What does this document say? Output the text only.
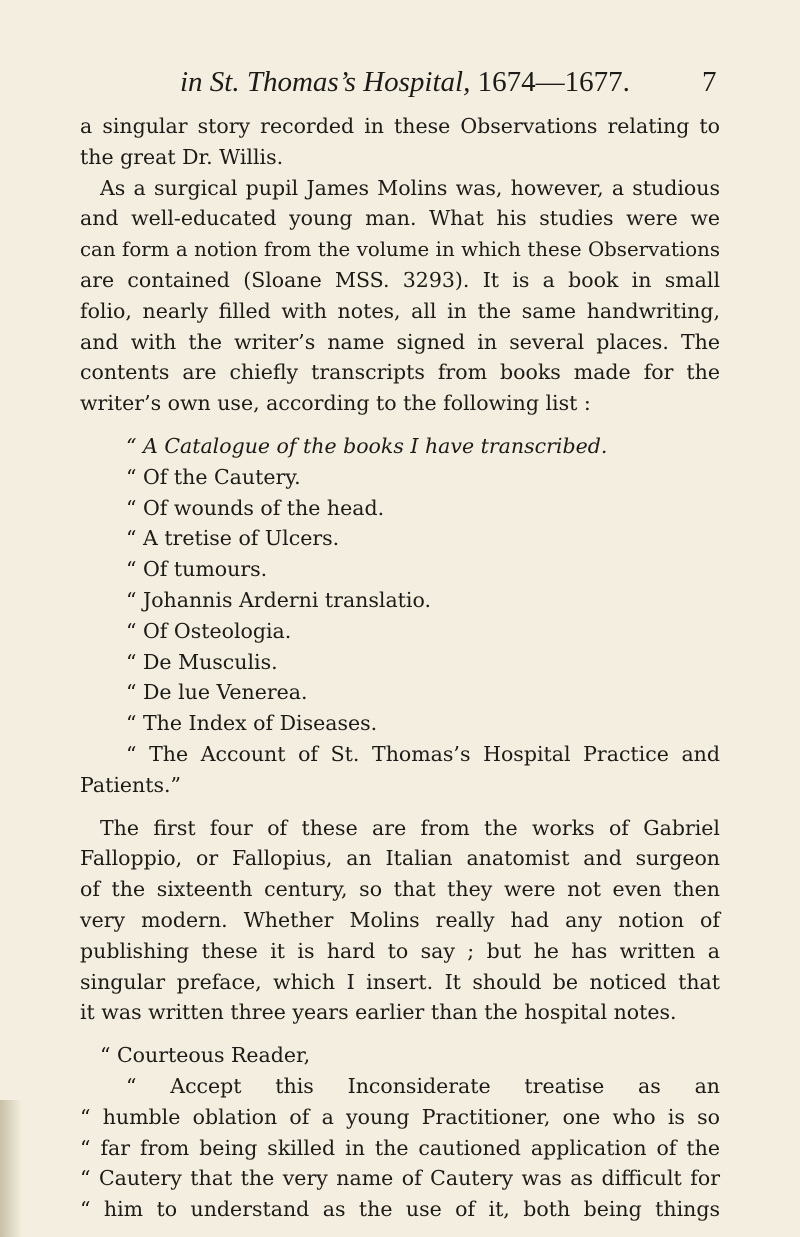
in St. Thomas’s Hospital, 1674—1677. 7
a singular story recorded in these Observations relating to
the great Dr. Willis.
As a surgical pupil James Molins was, however, a studious
and well-educated young man. What his studies were we
can form a notion from the volume in which these Observations
are contained (Sloane MSS. 3293). It is a book in small
folio, nearly filled with notes, all in the same handwriting,
and with the writer’s name signed in several places. The
contents are chiefly transcripts from books made for the
writer’s own use, according to the following list :
“ A Catalogue of the books I have transcribed.
“ Of the Cautery.
“ Of wounds of the head.
“ A tretise of Ulcers.
“ Of tumours.
“ Johannis Arderni translatio.
“ Of Osteologia.
“ De Musculis.
“ De lue Venerea.
“ The Index of Diseases.
“ The Account of St. Thomas’s Hospital Practice and
Patients.”
The first four of these are from the works of Gabriel
Falloppio, or Fallopius, an Italian anatomist and surgeon
of the sixteenth century, so that they were not even then
very modern. Whether Molins really had any notion of
publishing these it is hard to say ; but he has written a
singular preface, which I insert. It should be noticed that
it was written three years earlier than the hospital notes.
“ Courteous Reader,
“ Accept this Inconsiderate treatise as an
“ humble oblation of a young Practitioner, one who is so
“ far from being skilled in the cautioned application of the
“ Cautery that the very name of Cautery was as difficult for
“ him to understand as the use of it, both being things
